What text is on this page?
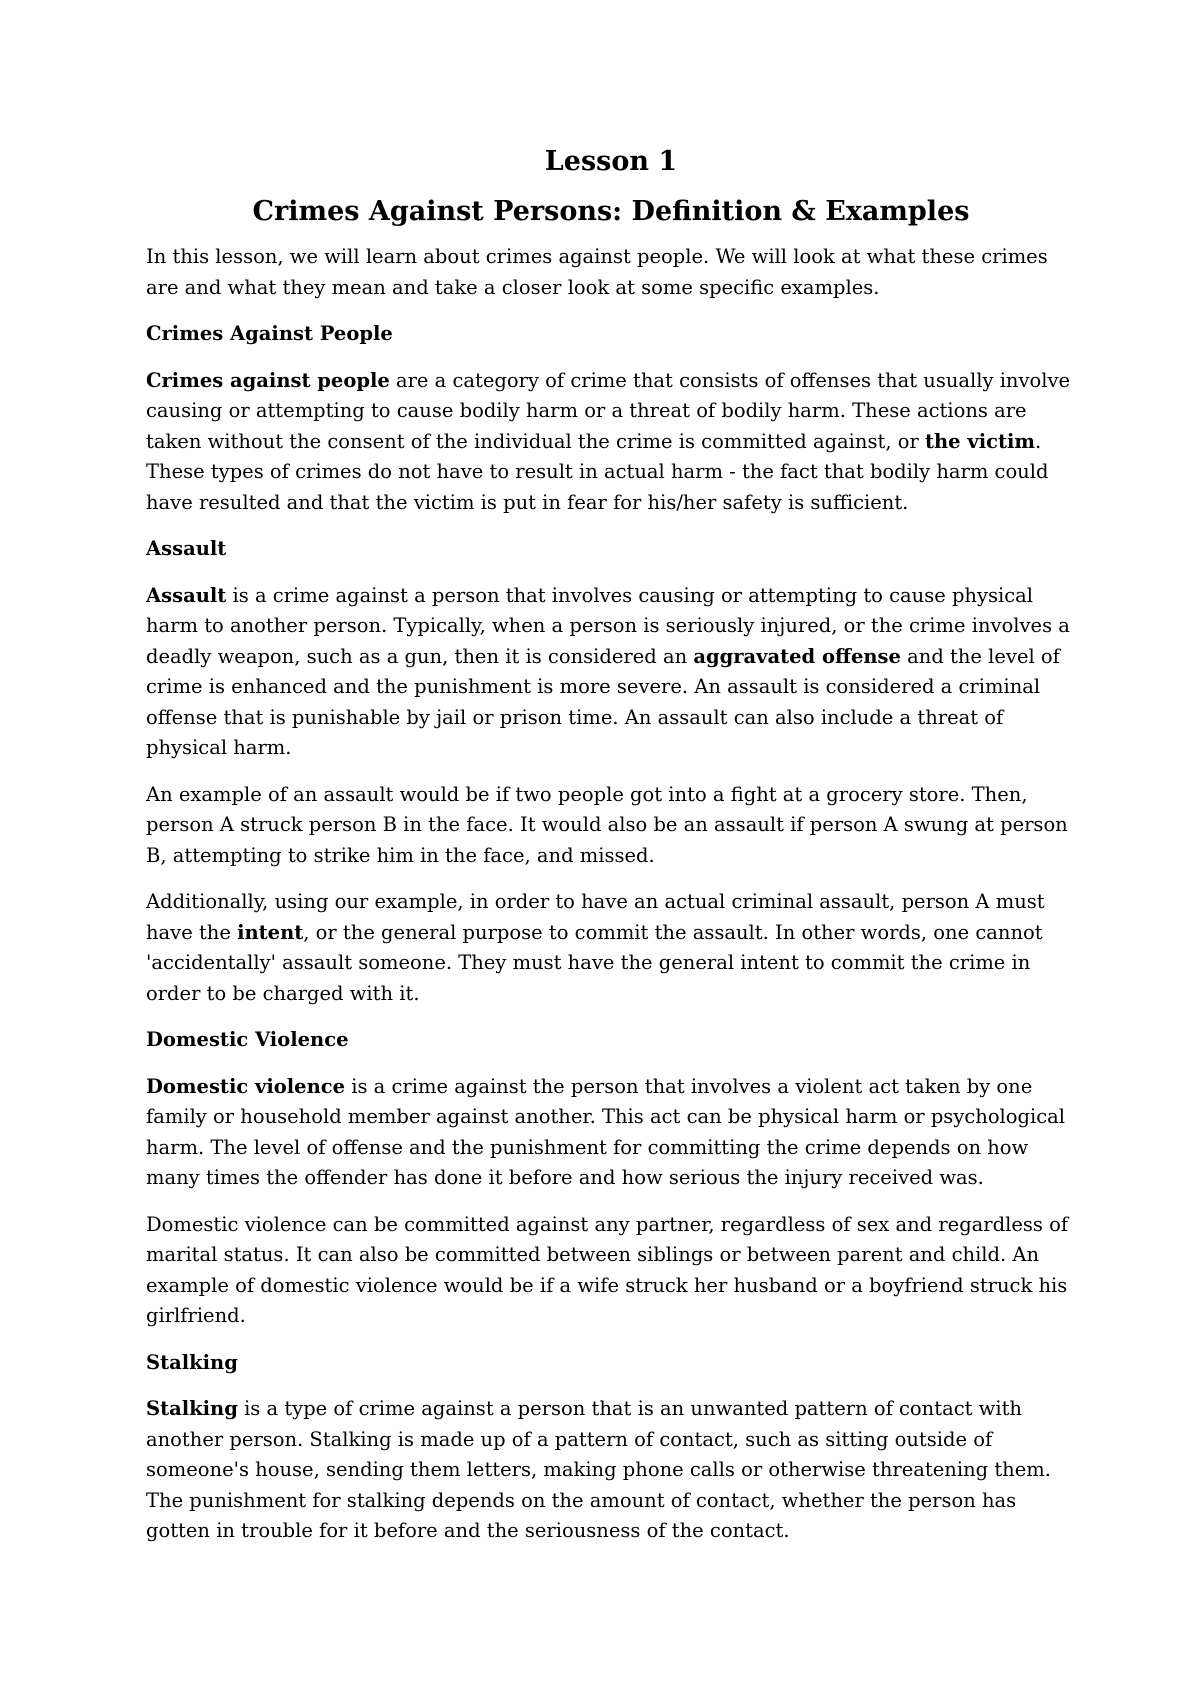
Lesson 1
Crimes Against Persons: Definition & Examples

In this lesson, we will learn about crimes against people. We will look at what these crimes are and what they mean and take a closer look at some specific examples.

Crimes Against People

Crimes against people are a category of crime that consists of offenses that usually involve causing or attempting to cause bodily harm or a threat of bodily harm. These actions are taken without the consent of the individual the crime is committed against, or the victim. These types of crimes do not have to result in actual harm - the fact that bodily harm could have resulted and that the victim is put in fear for his/her safety is sufficient.

Assault

Assault is a crime against a person that involves causing or attempting to cause physical harm to another person. Typically, when a person is seriously injured, or the crime involves a deadly weapon, such as a gun, then it is considered an aggravated offense and the level of crime is enhanced and the punishment is more severe. An assault is considered a criminal offense that is punishable by jail or prison time. An assault can also include a threat of physical harm.

An example of an assault would be if two people got into a fight at a grocery store. Then, person A struck person B in the face. It would also be an assault if person A swung at person B, attempting to strike him in the face, and missed.

Additionally, using our example, in order to have an actual criminal assault, person A must have the intent, or the general purpose to commit the assault. In other words, one cannot 'accidentally' assault someone. They must have the general intent to commit the crime in order to be charged with it.

Domestic Violence

Domestic violence is a crime against the person that involves a violent act taken by one family or household member against another. This act can be physical harm or psychological harm. The level of offense and the punishment for committing the crime depends on how many times the offender has done it before and how serious the injury received was.

Domestic violence can be committed against any partner, regardless of sex and regardless of marital status. It can also be committed between siblings or between parent and child. An example of domestic violence would be if a wife struck her husband or a boyfriend struck his girlfriend.

Stalking

Stalking is a type of crime against a person that is an unwanted pattern of contact with another person. Stalking is made up of a pattern of contact, such as sitting outside of someone's house, sending them letters, making phone calls or otherwise threatening them. The punishment for stalking depends on the amount of contact, whether the person has gotten in trouble for it before and the seriousness of the contact.
